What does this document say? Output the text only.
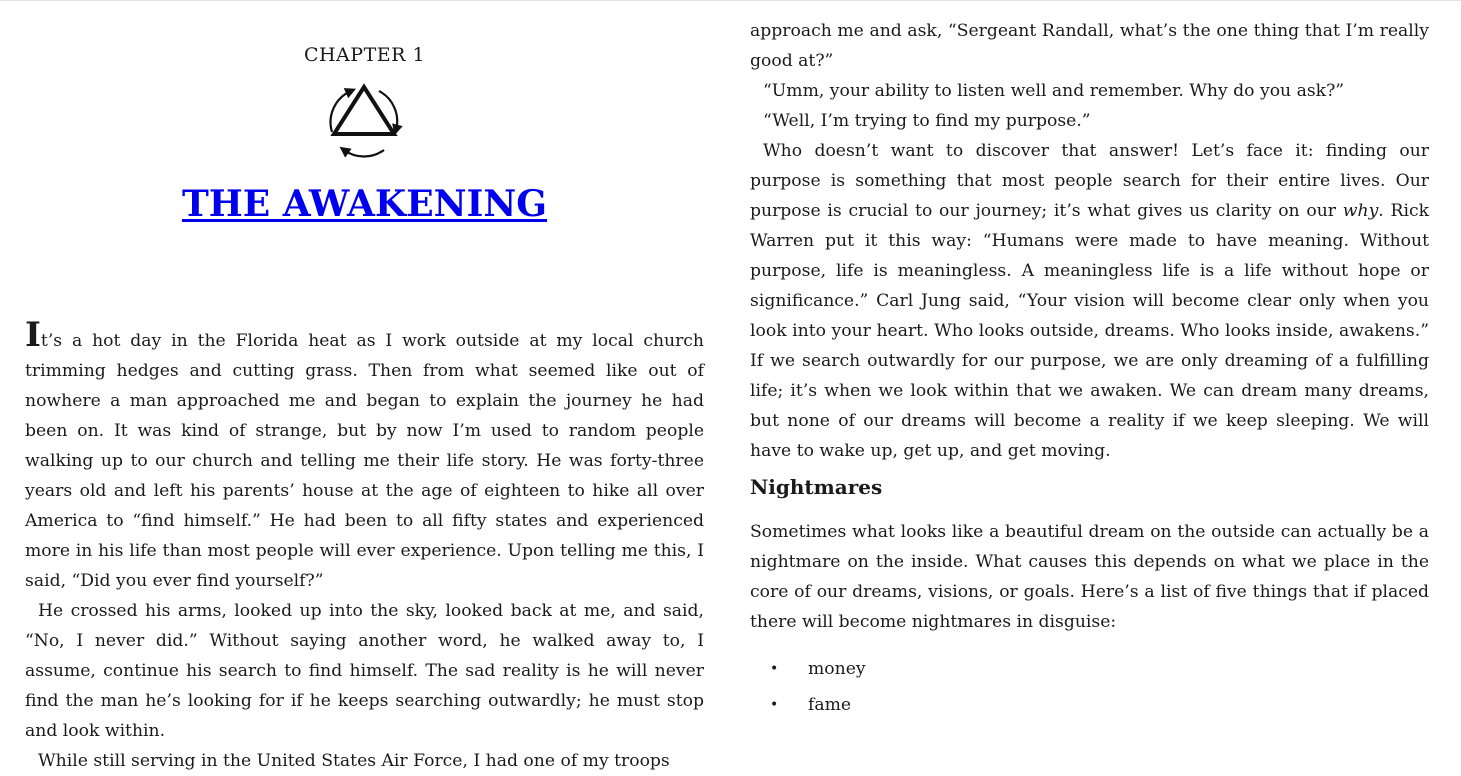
CHAPTER 1
THE AWAKENING

It’s a hot day in the Florida heat as I work outside at my local church trimming hedges and cutting grass. Then from what seemed like out of nowhere a man approached me and began to explain the journey he had been on. It was kind of strange, but by now I’m used to random people walking up to our church and telling me their life story. He was forty-three years old and left his parents’ house at the age of eighteen to hike all over America to “find himself.” He had been to all fifty states and experienced more in his life than most people will ever experience. Upon telling me this, I said, “Did you ever find yourself?”

He crossed his arms, looked up into the sky, looked back at me, and said, “No, I never did.” Without saying another word, he walked away to, I assume, continue his search to find himself. The sad reality is he will never find the man he’s looking for if he keeps searching outwardly; he must stop and look within.

While still serving in the United States Air Force, I had one of my troops

approach me and ask, “Sergeant Randall, what’s the one thing that I’m really good at?”

“Umm, your ability to listen well and remember. Why do you ask?”

“Well, I’m trying to find my purpose.”

Who doesn’t want to discover that answer! Let’s face it: finding our purpose is something that most people search for their entire lives. Our purpose is crucial to our journey; it’s what gives us clarity on our why. Rick Warren put it this way: “Humans were made to have meaning. Without purpose, life is meaningless. A meaningless life is a life without hope or significance.” Carl Jung said, “Your vision will become clear only when you look into your heart. Who looks outside, dreams. Who looks inside, awakens.” If we search outwardly for our purpose, we are only dreaming of a fulfilling life; it’s when we look within that we awaken. We can dream many dreams, but none of our dreams will become a reality if we keep sleeping. We will have to wake up, get up, and get moving.

Nightmares

Sometimes what looks like a beautiful dream on the outside can actually be a nightmare on the inside. What causes this depends on what we place in the core of our dreams, visions, or goals. Here’s a list of five things that if placed there will become nightmares in disguise:

• money
• fame
